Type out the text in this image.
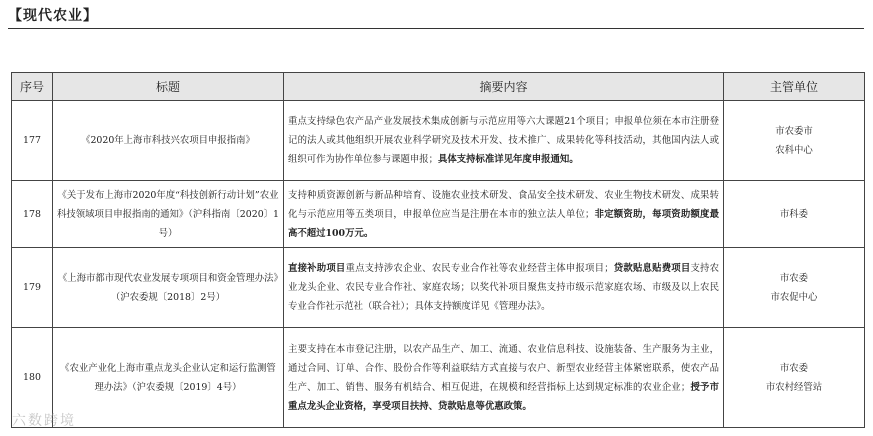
【现代农业】
序号	标题	摘要内容	主管单位
177	《2020年上海市科技兴农项目申报指南》	重点支持绿色农产品产业发展技术集成创新与示范应用等六大课题21个项目；申报单位须在本市注册登记的法人或其他组织开展农业科学研究及技术开发、技术推广、成果转化等科技活动，其他国内法人或组织可作为协作单位参与课题申报；具体支持标准详见年度申报通知。	市农委市
农科中心

178	《关于发布上海市2020年度“科技创新行动计划”农业科技领域项目申报指南的通知》（沪科指南〔2020〕1号）	支持种质资源创新与新品种培育、设施农业技术研发、食品安全技术研发、农业生物技术研发、成果转化与示范应用等五类项目，申报单位应当是注册在本市的独立法人单位；非定额资助，每项资助额度最高不超过100万元。	市科委

179	《上海市都市现代农业发展专项项目和资金管理办法》（沪农委规〔2018〕2号）	直接补助项目重点支持涉农企业、农民专业合作社等农业经营主体申报项目；贷款贴息贴费项目支持农业龙头企业、农民专业合作社、家庭农场；以奖代补项目聚焦支持市级示范家庭农场、市级及以上农民专业合作社示范社（联合社）；具体支持额度详见《管理办法》。	市农委
市农促中心

180	《农业产业化上海市重点龙头企业认定和运行监测管理办法》（沪农委规〔2019〕4号）	主要支持在本市登记注册，以农产品生产、加工、流通、农业信息科技、设施装备、生产服务为主业，通过合同、订单、合作、股份合作等利益联结方式直接与农户、新型农业经营主体紧密联系，使农产品生产、加工、销售、服务有机结合、相互促进，在规模和经营指标上达到规定标准的农业企业；授予市重点龙头企业资格，享受项目扶持、贷款贴息等优惠政策。	市农委
市农村经管站
六数跨境
